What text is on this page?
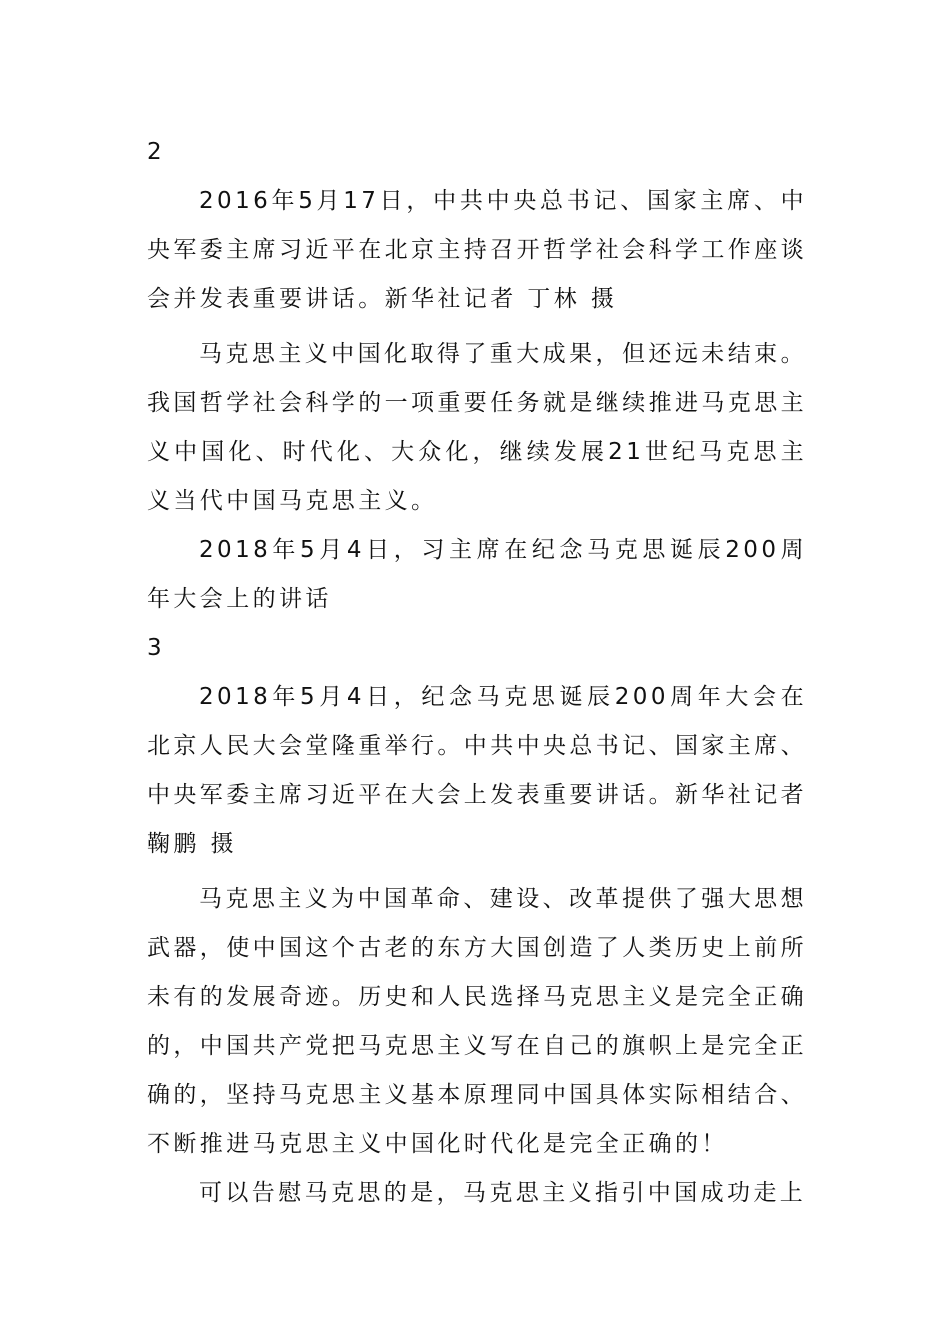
2

2016年5月17日，中共中央总书记、国家主席、中央军委主席习近平在北京主持召开哲学社会科学工作座谈会并发表重要讲话。新华社记者 丁林 摄

马克思主义中国化取得了重大成果，但还远未结束。我国哲学社会科学的一项重要任务就是继续推进马克思主义中国化、时代化、大众化，继续发展21世纪马克思主义当代中国马克思主义。

2018年5月4日，习主席在纪念马克思诞辰200周年大会上的讲话

3

2018年5月4日，纪念马克思诞辰200周年大会在北京人民大会堂隆重举行。中共中央总书记、国家主席、中央军委主席习近平在大会上发表重要讲话。新华社记者 鞠鹏 摄

马克思主义为中国革命、建设、改革提供了强大思想武器，使中国这个古老的东方大国创造了人类历史上前所未有的发展奇迹。历史和人民选择马克思主义是完全正确的，中国共产党把马克思主义写在自己的旗帜上是完全正确的，坚持马克思主义基本原理同中国具体实际相结合、不断推进马克思主义中国化时代化是完全正确的！

可以告慰马克思的是，马克思主义指引中国成功走上
